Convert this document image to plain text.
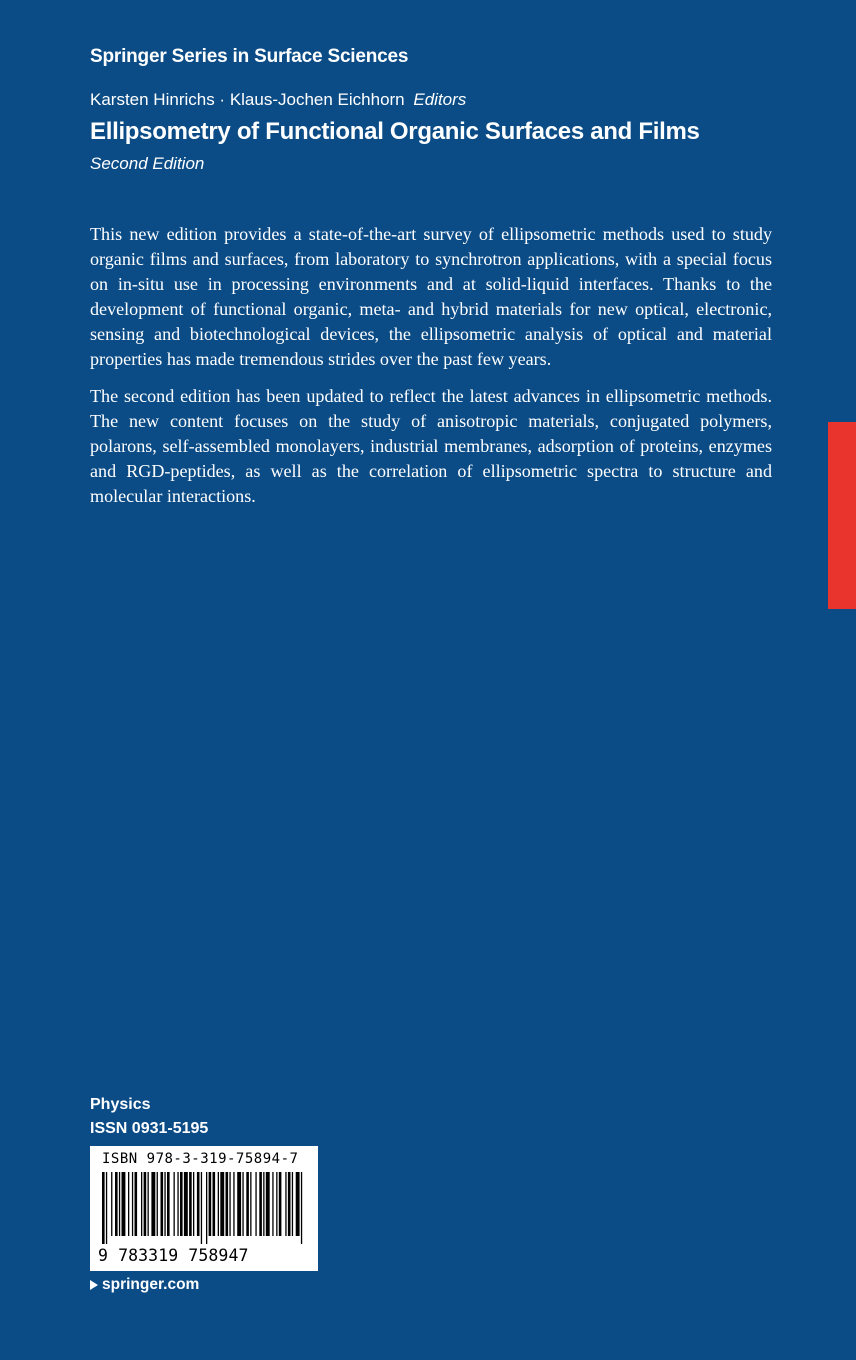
Springer Series in Surface Sciences
Karsten Hinrichs · Klaus-Jochen Eichhorn Editors
Ellipsometry of Functional Organic Surfaces and Films
Second Edition

This new edition provides a state-of-the-art survey of ellipsometric methods used to study organic films and surfaces, from laboratory to synchrotron applications, with a special focus on in-situ use in processing environments and at solid-liquid interfaces. Thanks to the development of functional organic, meta- and hybrid materials for new optical, electronic, sensing and biotechnological devices, the ellipsometric analysis of optical and material properties has made tremendous strides over the past few years.

The second edition has been updated to reflect the latest advances in ellipsometric methods. The new content focuses on the study of anisotropic materials, conjugated polymers, polarons, self-assembled monolayers, industrial membranes, adsorption of proteins, enzymes and RGD-peptides, as well as the correlation of ellipsometric spectra to structure and molecular interactions.

Physics
ISSN 0931-5195
ISBN 978-3-319-75894-7
9 783319 758947
springer.com
